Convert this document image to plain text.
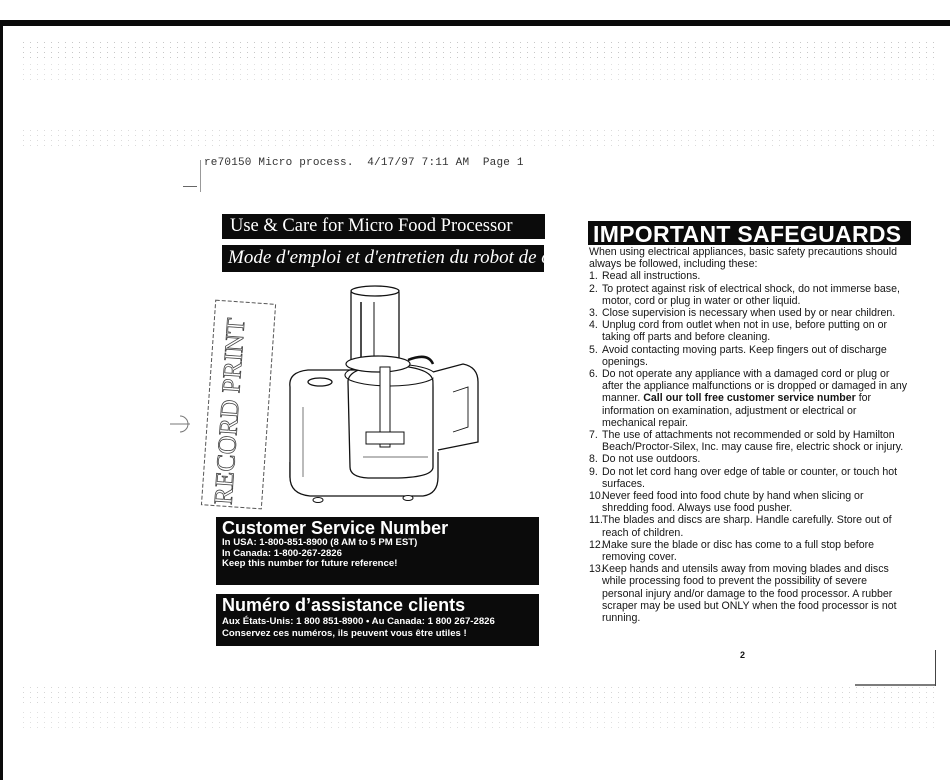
re70150 Micro process. 4/17/97 7:11 AM Page 1
Use & Care for Micro Food Processor
Mode d'emploi et d'entretien du robot de cuisine
RECORD PRINT
Customer Service Number
In USA: 1-800-851-8900 (8 AM to 5 PM EST)
In Canada: 1-800-267-2826
Keep this number for future reference!
Numéro d’assistance clients
Aux États-Unis: 1 800 851-8900 • Au Canada: 1 800 267-2826
Conservez ces numéros, ils peuvent vous être utiles !
IMPORTANT SAFEGUARDS

When using electrical appliances, basic safety precautions should always be followed, including these:

1. Read all instructions.
2. To protect against risk of electrical shock, do not immerse base, motor, cord or plug in water or other liquid.
3. Close supervision is necessary when used by or near children.
4. Unplug cord from outlet when not in use, before putting on or taking off parts and before cleaning.
5. Avoid contacting moving parts. Keep fingers out of discharge openings.
6. Do not operate any appliance with a damaged cord or plug or after the appliance malfunctions or is dropped or damaged in any manner. Call our toll free customer service number for information on examination, adjustment or electrical or mechanical repair.
7. The use of attachments not recommended or sold by Hamilton Beach/Proctor-Silex, Inc. may cause fire, electric shock or injury.
8. Do not use outdoors.
9. Do not let cord hang over edge of table or counter, or touch hot surfaces.
10.
Never feed food into food chute by hand when slicing or shredding food. Always use food pusher.
11. The blades and discs are sharp. Handle carefully. Store out of reach of children.
12.
Make sure the blade or disc has come to a full stop before removing cover.
13.
Keep hands and utensils away from moving blades and discs while processing food to prevent the possibility of severe personal injury and/or damage to the food processor. A rubber scraper may be used but ONLY when the food processor is not running.
2
